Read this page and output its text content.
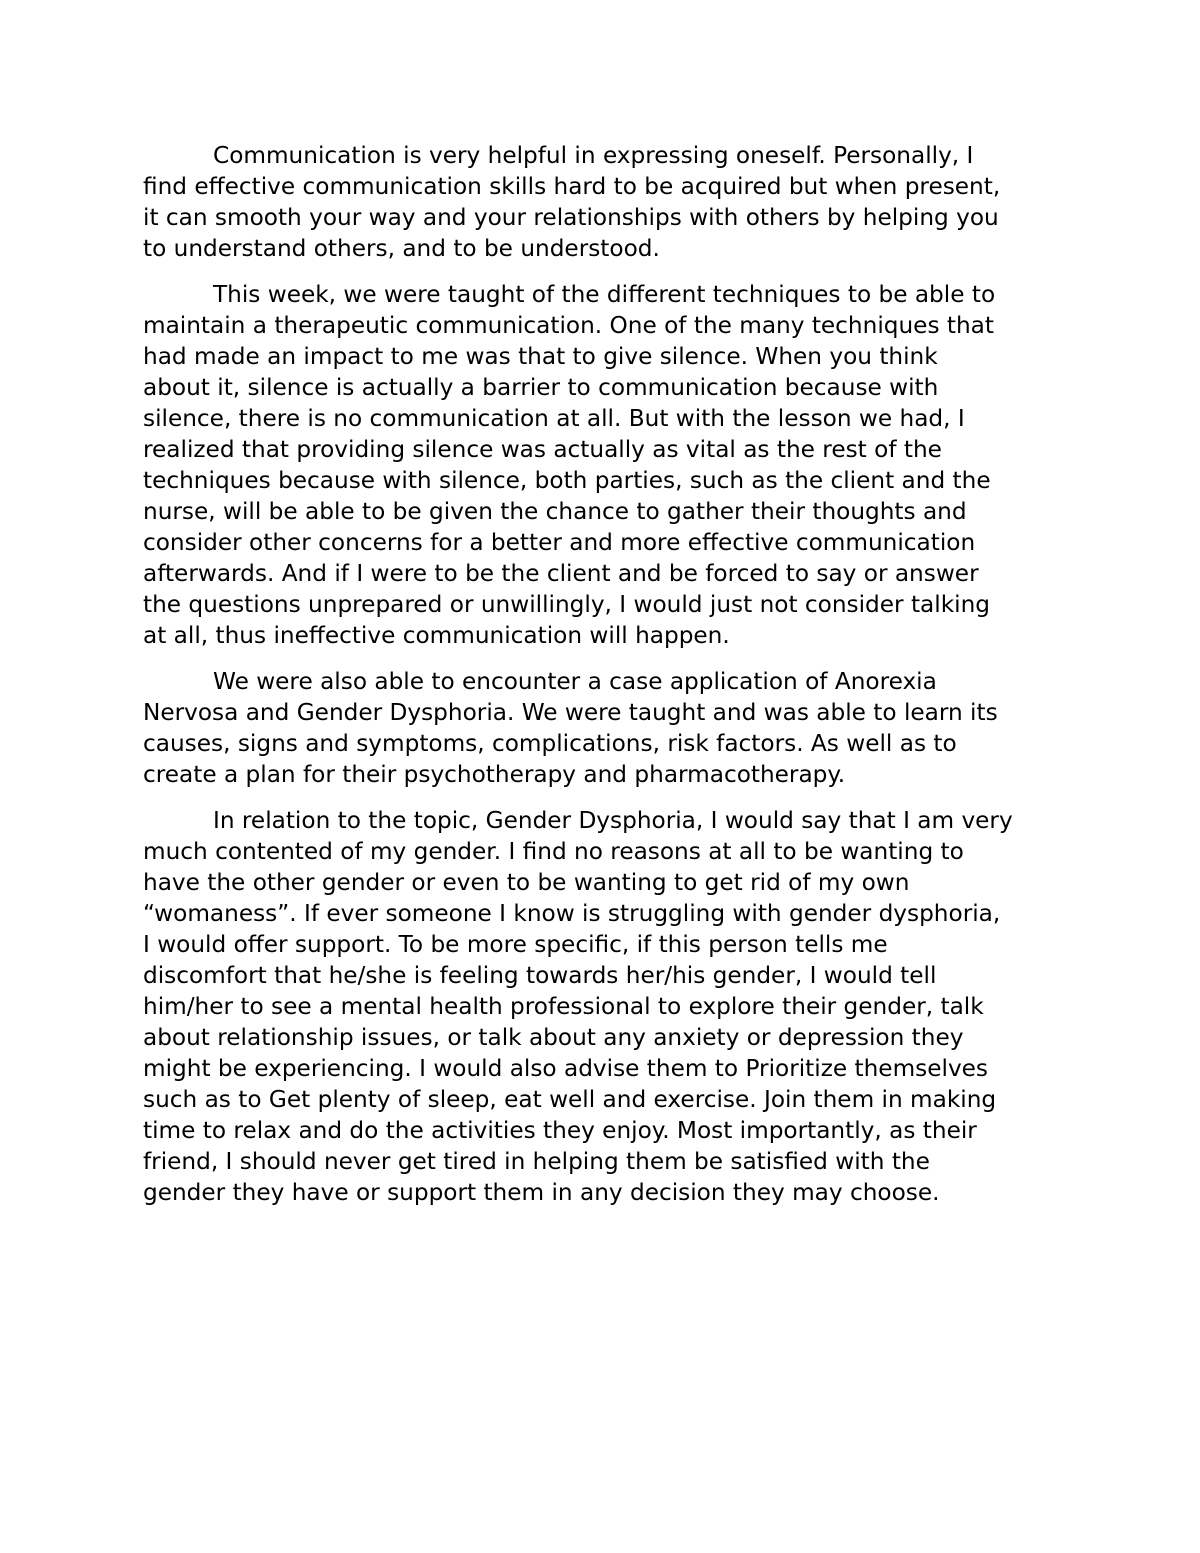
Communication is very helpful in expressing oneself. Personally, I
find effective communication skills hard to be acquired but when present,
it can smooth your way and your relationships with others by helping you
to understand others, and to be understood.

This week, we were taught of the different techniques to be able to
maintain a therapeutic communication. One of the many techniques that
had made an impact to me was that to give silence. When you think
about it, silence is actually a barrier to communication because with
silence, there is no communication at all. But with the lesson we had, I
realized that providing silence was actually as vital as the rest of the
techniques because with silence, both parties, such as the client and the
nurse, will be able to be given the chance to gather their thoughts and
consider other concerns for a better and more effective communication
afterwards. And if I were to be the client and be forced to say or answer
the questions unprepared or unwillingly, I would just not consider talking
at all, thus ineffective communication will happen.

We were also able to encounter a case application of Anorexia
Nervosa and Gender Dysphoria. We were taught and was able to learn its
causes, signs and symptoms, complications, risk factors. As well as to
create a plan for their psychotherapy and pharmacotherapy.

In relation to the topic, Gender Dysphoria, I would say that I am very
much contented of my gender. I find no reasons at all to be wanting to
have the other gender or even to be wanting to get rid of my own
“womaness”. If ever someone I know is struggling with gender dysphoria,
I would offer support. To be more specific, if this person tells me
discomfort that he/she is feeling towards her/his gender, I would tell
him/her to see a mental health professional to explore their gender, talk
about relationship issues, or talk about any anxiety or depression they
might be experiencing. I would also advise them to Prioritize themselves
such as to Get plenty of sleep, eat well and exercise. Join them in making
time to relax and do the activities they enjoy. Most importantly, as their
friend, I should never get tired in helping them be satisfied with the
gender they have or support them in any decision they may choose.
